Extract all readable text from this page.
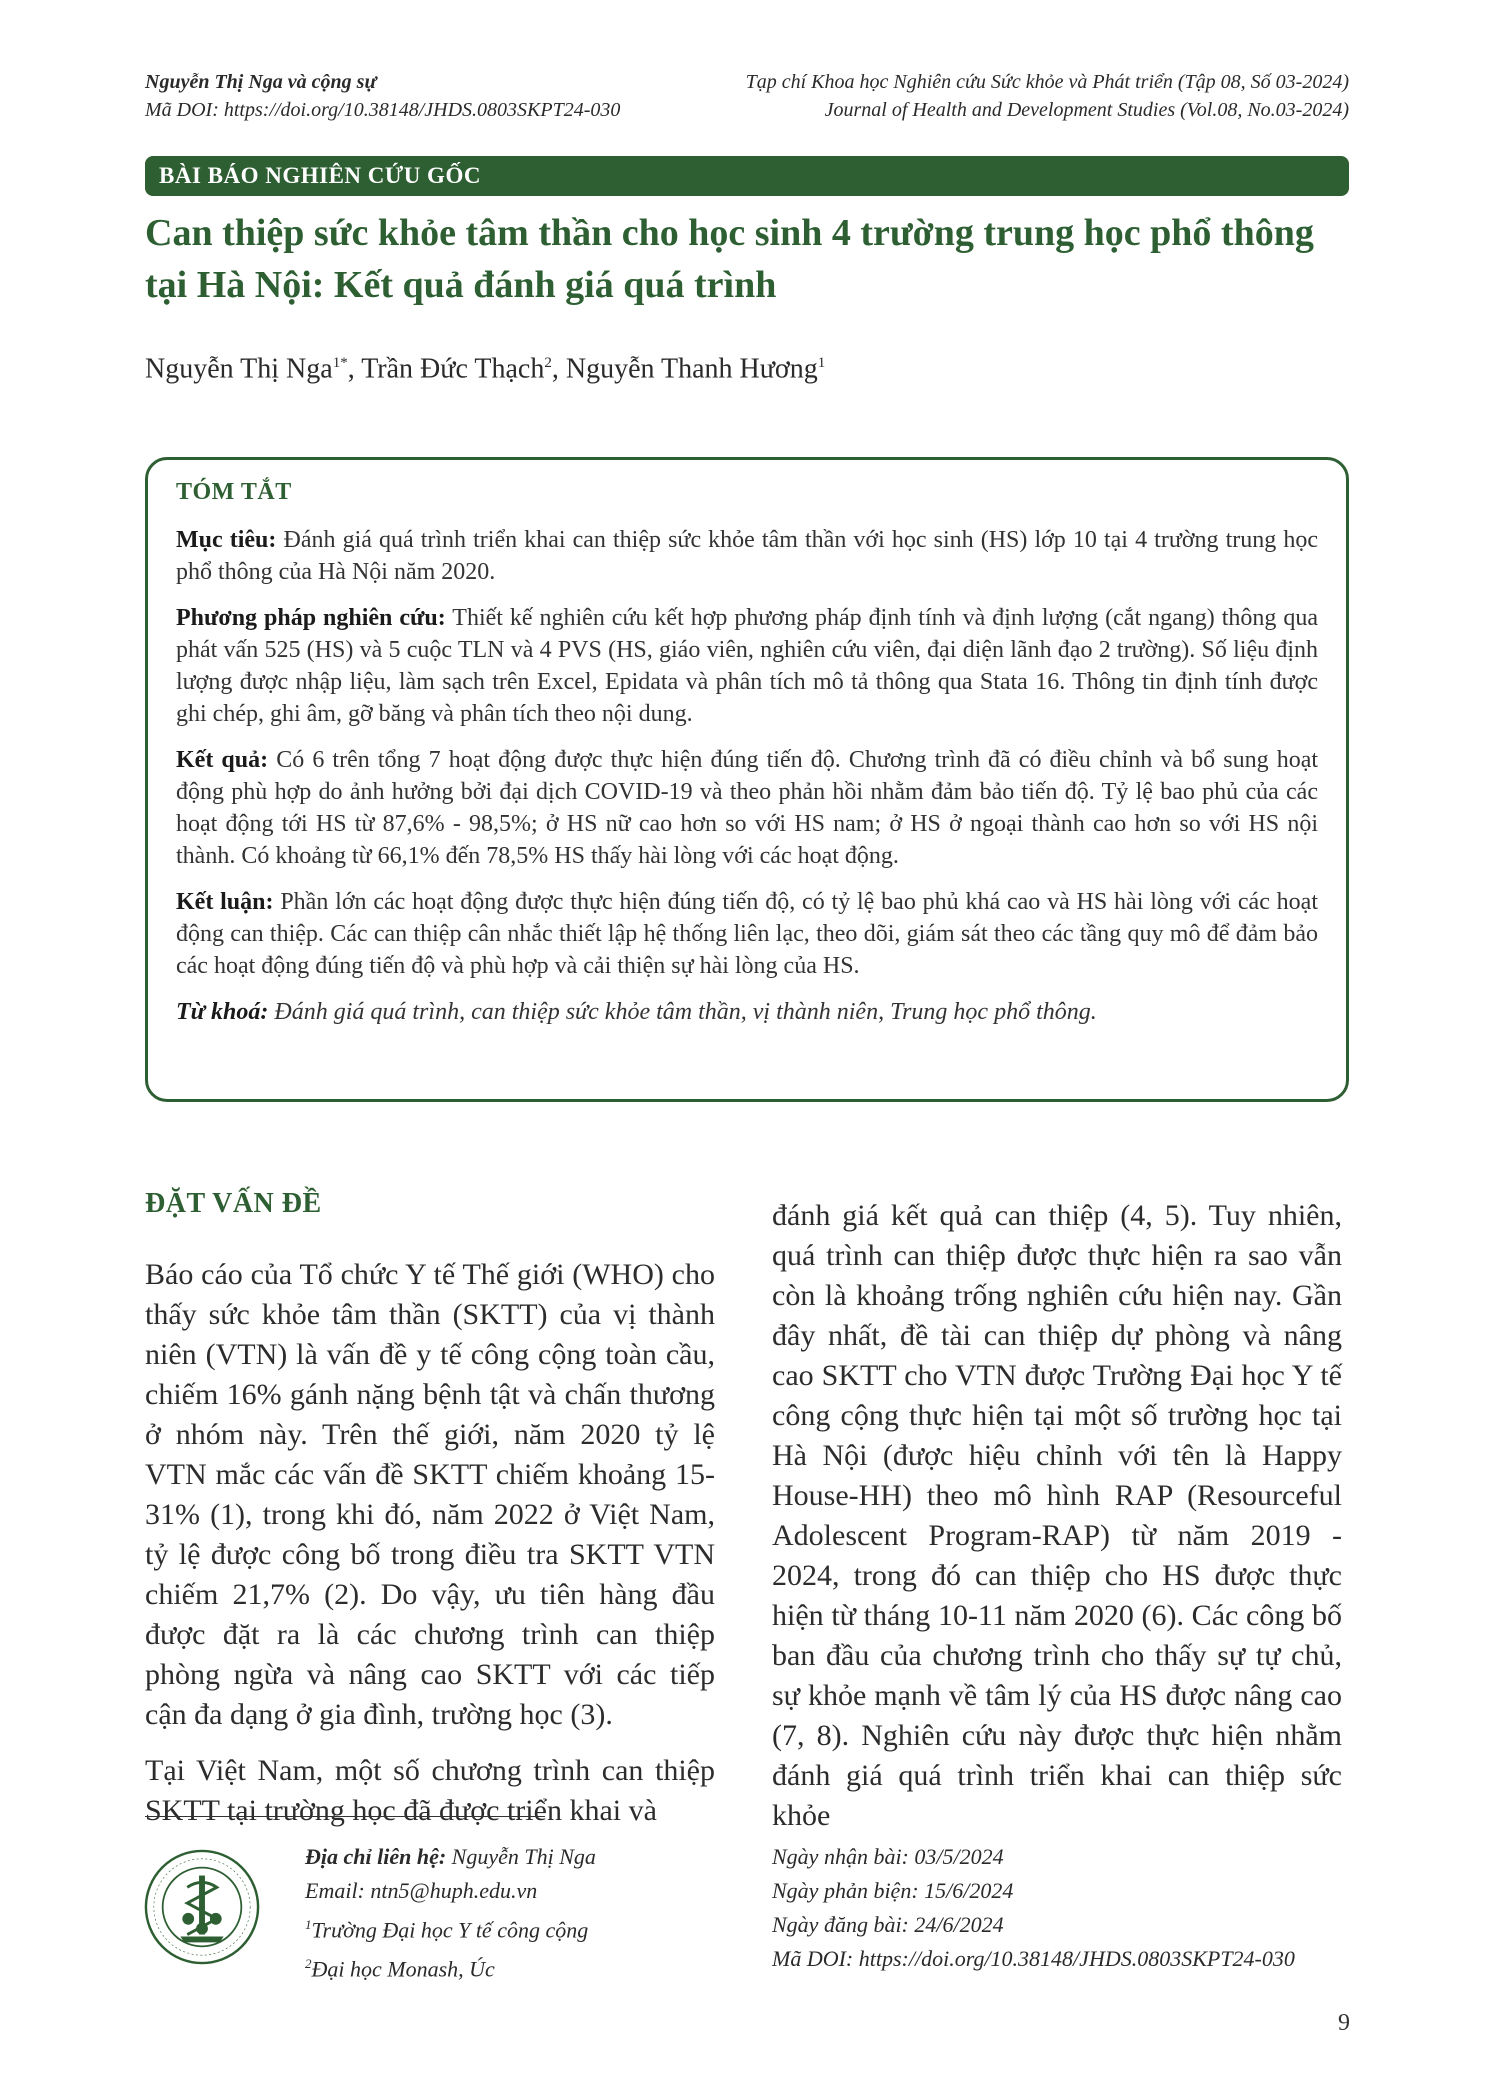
Nguyễn Thị Nga và cộng sự
Mã DOI: https://doi.org/10.38148/JHDS.0803SKPT24-030
Tạp chí Khoa học Nghiên cứu Sức khỏe và Phát triển (Tập 08, Số 03-2024)
Journal of Health and Development Studies (Vol.08, No.03-2024)
BÀI BÁO NGHIÊN CỨU GỐC
Can thiệp sức khỏe tâm thần cho học sinh 4 trường trung học phổ thông tại Hà Nội: Kết quả đánh giá quá trình
Nguyễn Thị Nga$^{1*}$, Trần Đức Thạch$^2$, Nguyễn Thanh Hương$^1$
TÓM TẮT

Mục tiêu: Đánh giá quá trình triển khai can thiệp sức khỏe tâm thần với học sinh (HS) lớp 10 tại 4 trường trung học phổ thông của Hà Nội năm 2020.

Phương pháp nghiên cứu: Thiết kế nghiên cứu kết hợp phương pháp định tính và định lượng (cắt ngang) thông qua phát vấn 525 (HS) và 5 cuộc TLN và 4 PVS (HS, giáo viên, nghiên cứu viên, đại diện lãnh đạo 2 trường). Số liệu định lượng được nhập liệu, làm sạch trên Excel, Epidata và phân tích mô tả thông qua Stata 16. Thông tin định tính được ghi chép, ghi âm, gỡ băng và phân tích theo nội dung.

Kết quả: Có 6 trên tổng 7 hoạt động được thực hiện đúng tiến độ. Chương trình đã có điều chỉnh và bổ sung hoạt động phù hợp do ảnh hưởng bởi đại dịch COVID-19 và theo phản hồi nhằm đảm bảo tiến độ. Tỷ lệ bao phủ của các hoạt động tới HS từ 87,6% - 98,5%; ở HS nữ cao hơn so với HS nam; ở HS ở ngoại thành cao hơn so với HS nội thành. Có khoảng từ 66,1% đến 78,5% HS thấy hài lòng với các hoạt động.

Kết luận: Phần lớn các hoạt động được thực hiện đúng tiến độ, có tỷ lệ bao phủ khá cao và HS hài lòng với các hoạt động can thiệp. Các can thiệp cân nhắc thiết lập hệ thống liên lạc, theo dõi, giám sát theo các tầng quy mô để đảm bảo các hoạt động đúng tiến độ và phù hợp và cải thiện sự hài lòng của HS.

Từ khoá: Đánh giá quá trình, can thiệp sức khỏe tâm thần, vị thành niên, Trung học phổ thông.

ĐẶT VẤN ĐỀ

Báo cáo của Tổ chức Y tế Thế giới (WHO) cho thấy sức khỏe tâm thần (SKTT) của vị thành niên (VTN) là vấn đề y tế công cộng toàn cầu, chiếm 16% gánh nặng bệnh tật và chấn thương ở nhóm này. Trên thế giới, năm 2020 tỷ lệ VTN mắc các vấn đề SKTT chiếm khoảng 15-31% (1), trong khi đó, năm 2022 ở Việt Nam, tỷ lệ được công bố trong điều tra SKTT VTN chiếm 21,7% (2). Do vậy, ưu tiên hàng đầu được đặt ra là các chương trình can thiệp phòng ngừa và nâng cao SKTT với các tiếp cận đa dạng ở gia đình, trường học (3).

Tại Việt Nam, một số chương trình can thiệp SKTT tại trường học đã được triển khai và

đánh giá kết quả can thiệp (4, 5). Tuy nhiên, quá trình can thiệp được thực hiện ra sao vẫn còn là khoảng trống nghiên cứu hiện nay. Gần đây nhất, đề tài can thiệp dự phòng và nâng cao SKTT cho VTN được Trường Đại học Y tế công cộng thực hiện tại một số trường học tại Hà Nội (được hiệu chỉnh với tên là Happy House-HH) theo mô hình RAP (Resourceful Adolescent Program-RAP) từ năm 2019 - 2024, trong đó can thiệp cho HS được thực hiện từ tháng 10-11 năm 2020 (6). Các công bố ban đầu của chương trình cho thấy sự tự chủ, sự khỏe mạnh về tâm lý của HS được nâng cao (7, 8). Nghiên cứu này được thực hiện nhằm đánh giá quá trình triển khai can thiệp sức khỏe

Địa chỉ liên hệ: Nguyễn Thị Nga
Email: ntn5@huph.edu.vn
$^1$Trường Đại học Y tế công cộng
$^2$Đại học Monash, Úc
Ngày nhận bài: 03/5/2024
Ngày phản biện: 15/6/2024
Ngày đăng bài: 24/6/2024
Mã DOI: https://doi.org/10.38148/JHDS.0803SKPT24-030
9
